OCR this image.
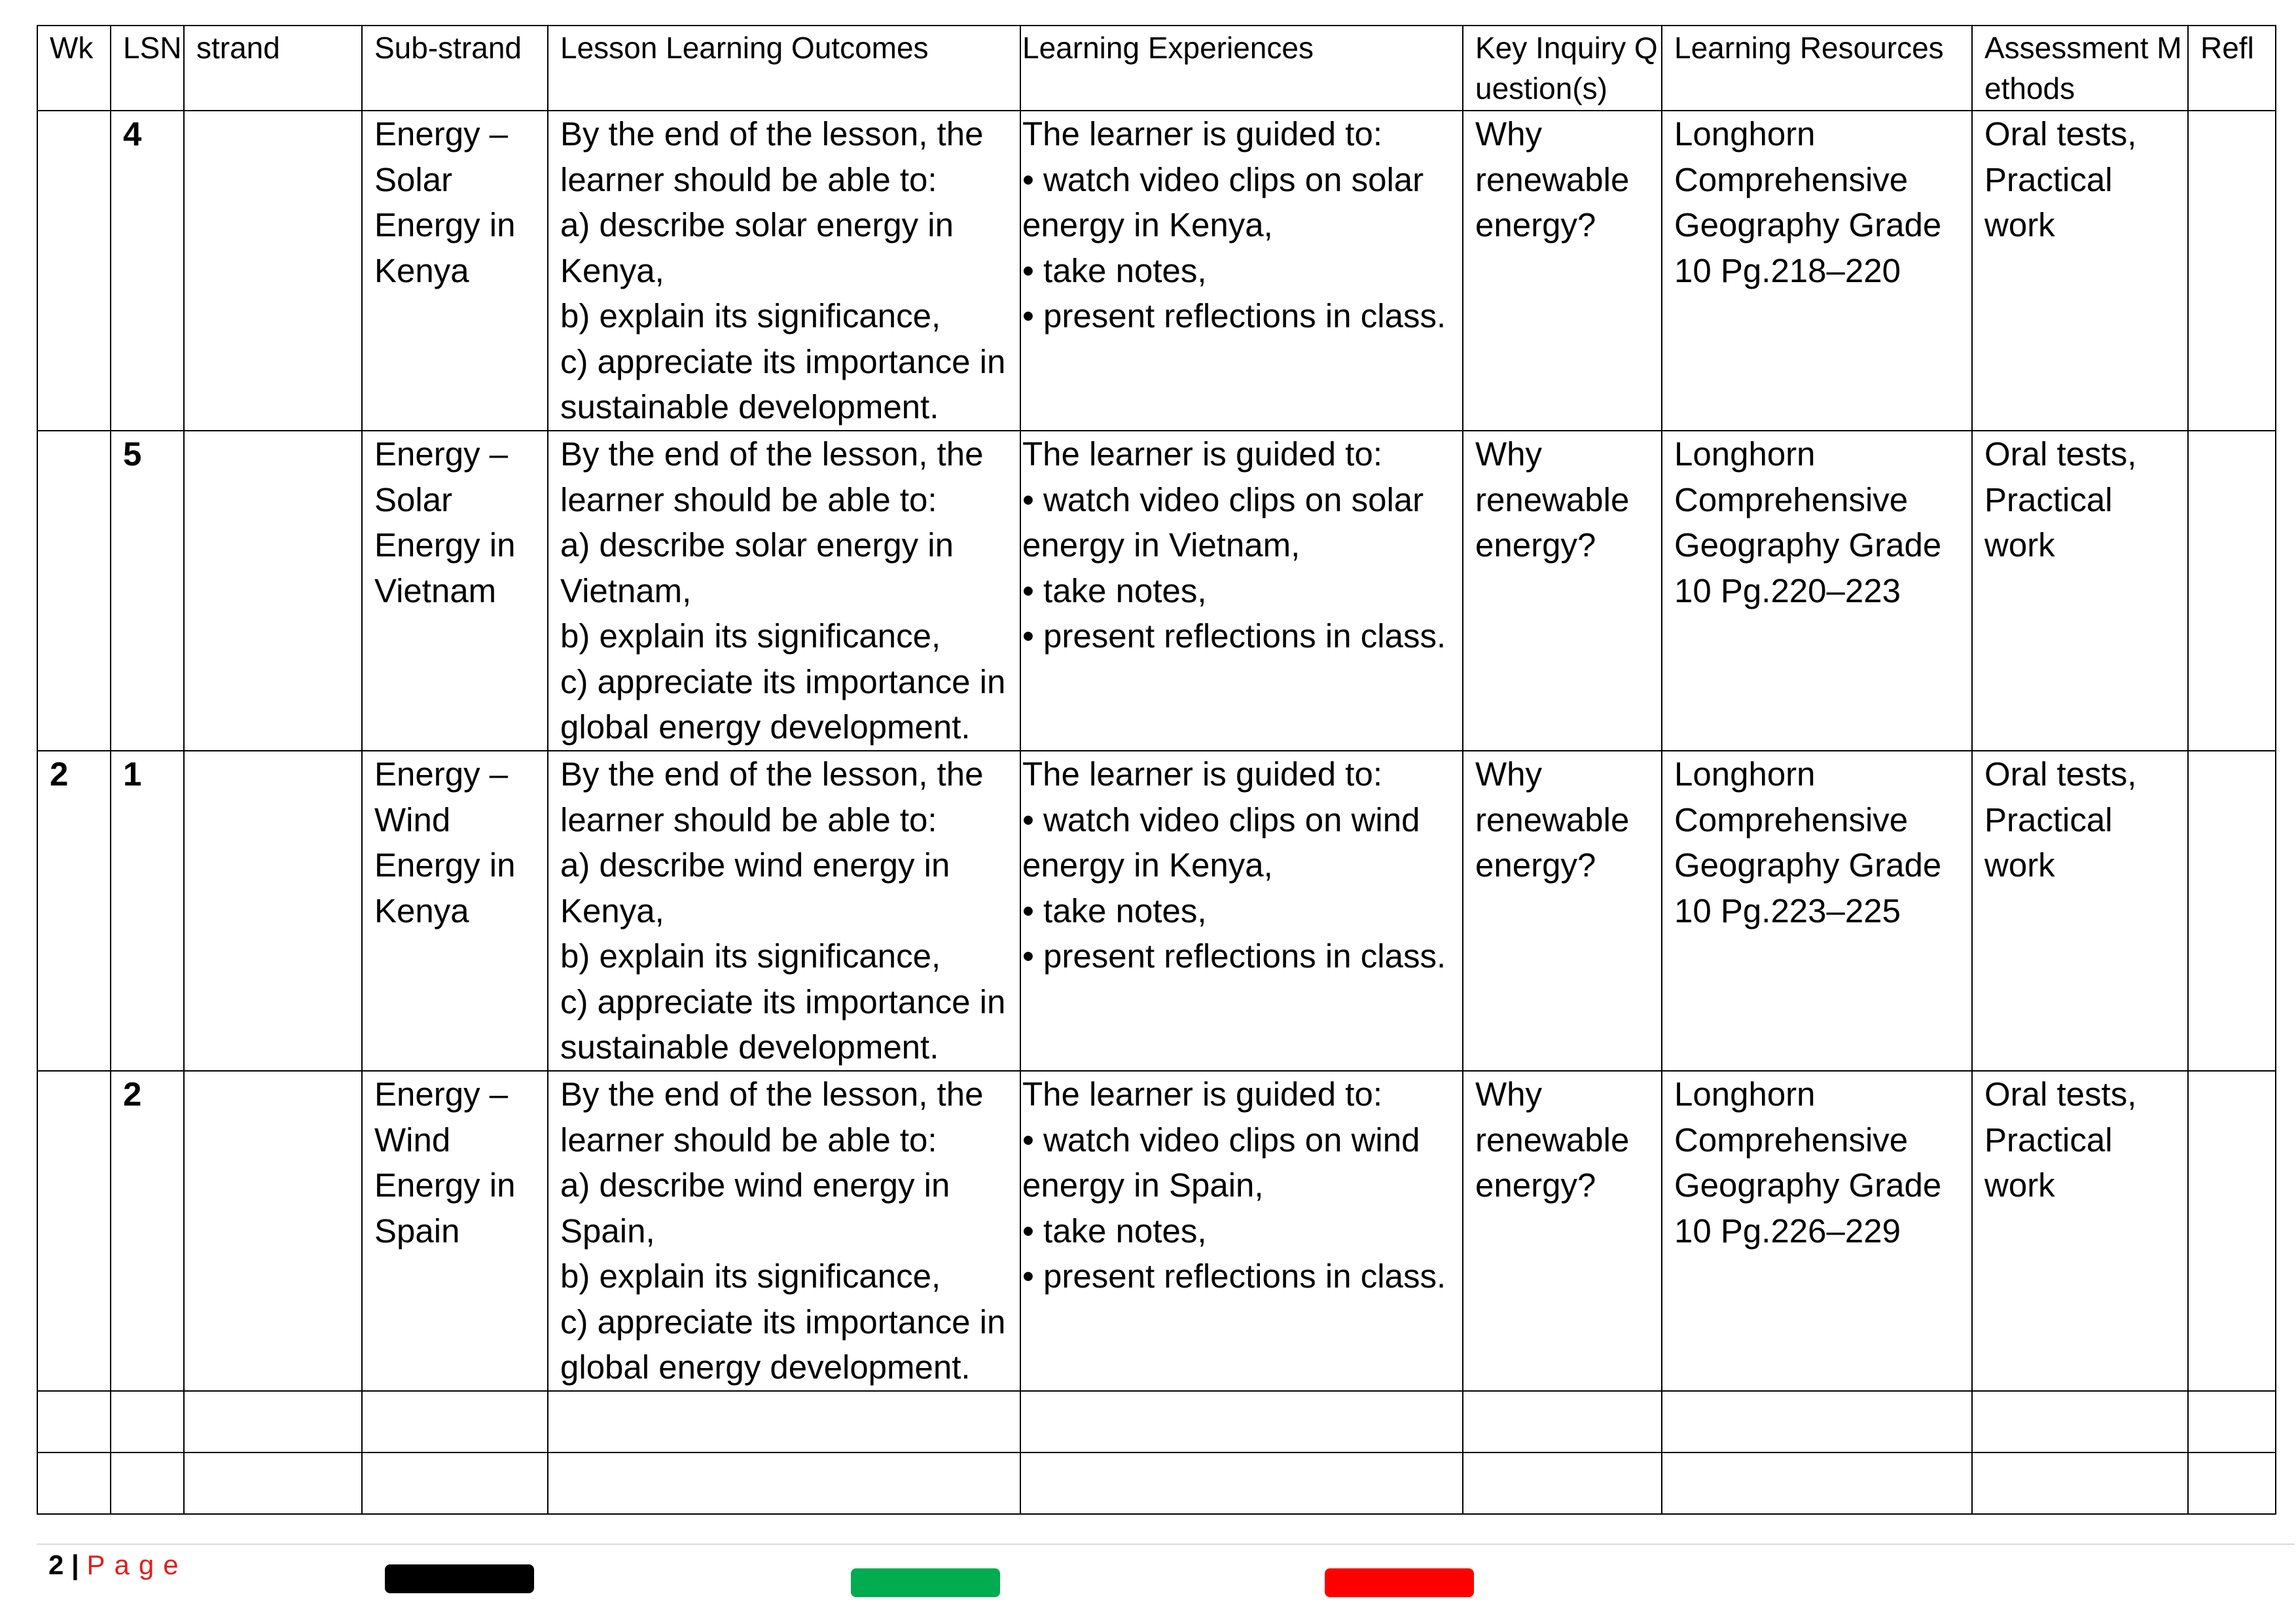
Wk	LSN	strand	Sub-strand	Lesson Learning Outcomes	Learning Experiences	Key Inquiry Question(s)	Learning Resources	Assessment Methods	Refl
	4		Energy – Solar Energy in Kenya	By the end of the lesson, the learner should be able to:
a) describe solar energy in Kenya,
b) explain its significance,
c) appreciate its importance in sustainable development.	The learner is guided to:
• watch video clips on solar energy in Kenya,
• take notes,
• present reflections in class.	Why renewable energy?	Longhorn Comprehensive Geography Grade 10 Pg.218–220	Oral tests, Practical work	
	5		Energy – Solar Energy in Vietnam	By the end of the lesson, the learner should be able to:
a) describe solar energy in Vietnam,
b) explain its significance,
c) appreciate its importance in global energy development.	The learner is guided to:
• watch video clips on solar energy in Vietnam,
• take notes,
• present reflections in class.	Why renewable energy?	Longhorn Comprehensive Geography Grade 10 Pg.220–223	Oral tests, Practical work	
2	1		Energy – Wind Energy in Kenya	By the end of the lesson, the learner should be able to:
a) describe wind energy in Kenya,
b) explain its significance,
c) appreciate its importance in sustainable development.	The learner is guided to:
• watch video clips on wind energy in Kenya,
• take notes,
• present reflections in class.	Why renewable energy?	Longhorn Comprehensive Geography Grade 10 Pg.223–225	Oral tests, Practical work	
	2		Energy – Wind Energy in Spain	By the end of the lesson, the learner should be able to:
a) describe wind energy in Spain,
b) explain its significance,
c) appreciate its importance in global energy development.	The learner is guided to:
• watch video clips on wind energy in Spain,
• take notes,
• present reflections in class.	Why renewable energy?	Longhorn Comprehensive Geography Grade 10 Pg.226–229	Oral tests, Practical work	

2 | Page
